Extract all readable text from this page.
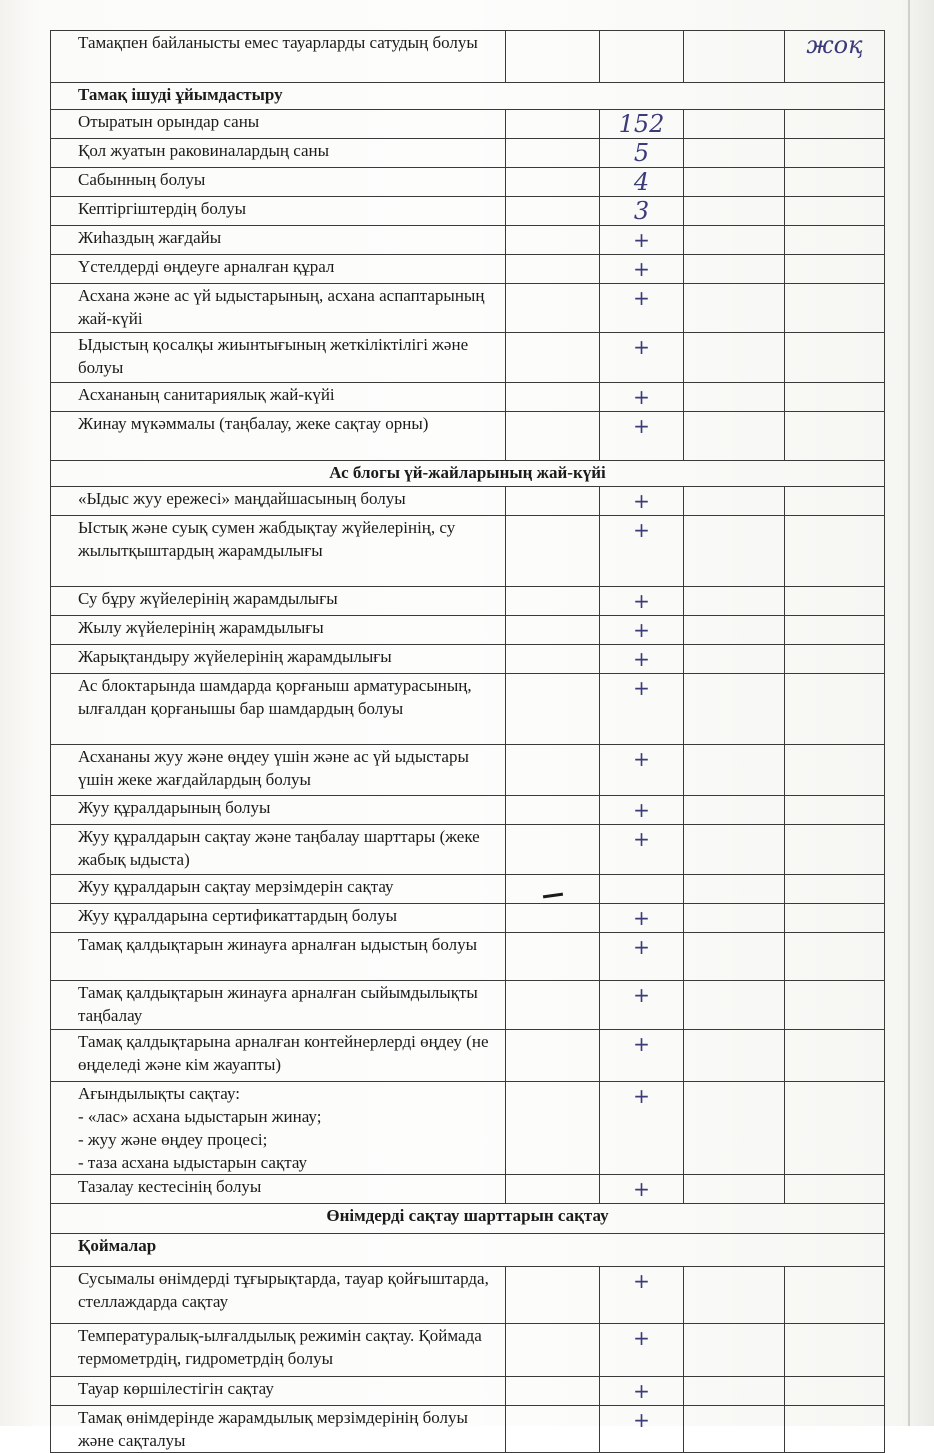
Тамақпен байланысты емес тауарларды сатудың болуы				жоқ
Тамақ ішуді ұйымдастыру				
Отыратын орындар саны		152		
Қол жуатын раковиналардың саны		5		
Сабынның болуы		4		
Кептіргіштердің болуы		3		
Жиһаздың жағдайы		+		
Үстелдерді өңдеуге арналған құрал		+		
Асхана және ас үй ыдыстарының, асхана аспаптарының жай-күйі		+		
Ыдыстың қосалқы жиынтығының жеткіліктілігі және болуы		+		
Асхананың санитариялық жай-күйі		+		
Жинау мүкәммалы (таңбалау, жеке сақтау орны)		+		
Ас блогы үй-жайларының жай-күйі				
«Ыдыс жуу ережесі» маңдайшасының болуы		+		
Ыстық және суық сумен жабдықтау жүйелерінің, су жылытқыштардың жарамдылығы		+		
Су бұру жүйелерінің жарамдылығы		+		
Жылу жүйелерінің жарамдылығы		+		
Жарықтандыру жүйелерінің жарамдылығы		+		
Ас блоктарында шамдарда қорғаныш арматурасының, ылғалдан қорғанышы бар шамдардың болуы		+		
Асхананы жуу және өңдеу үшін және ас үй ыдыстары үшін жеке жағдайлардың болуы		+		
Жуу құралдарының болуы		+		
Жуу құралдарын сақтау және таңбалау шарттары (жеке жабық ыдыста)		+		
Жуу құралдарын сақтау мерзімдерін сақтау				
Жуу құралдарына сертификаттардың болуы		+		
Тамақ қалдықтарын жинауға арналған ыдыстың болуы		+		
Тамақ қалдықтарын жинауға арналған сыйымдылықты таңбалау		+		
Тамақ қалдықтарына арналған контейнерлерді өңдеу (не өңделеді және кім жауапты)		+		

Ағындылықты сақтау:
- «лас» асхана ыдыстарын жинау;
- жуу және өңдеу процесі;
- таза асхана ыдыстарын сақтау		+		
Тазалау кестесінің болуы		+		
Өнімдерді сақтау шарттарын сақтау				
Қоймалар				
Сусымалы өнімдерді тұғырықтарда, тауар қойғыштарда, стеллаждарда сақтау		+		
Температуралық-ылғалдылық режимін сақтау. Қоймада термометрдің, гидрометрдің болуы		+		
Тауар көршілестігін сақтау		+		
Тамақ өнімдерінде жарамдылық мерзімдерінің болуы және сақталуы		+		
